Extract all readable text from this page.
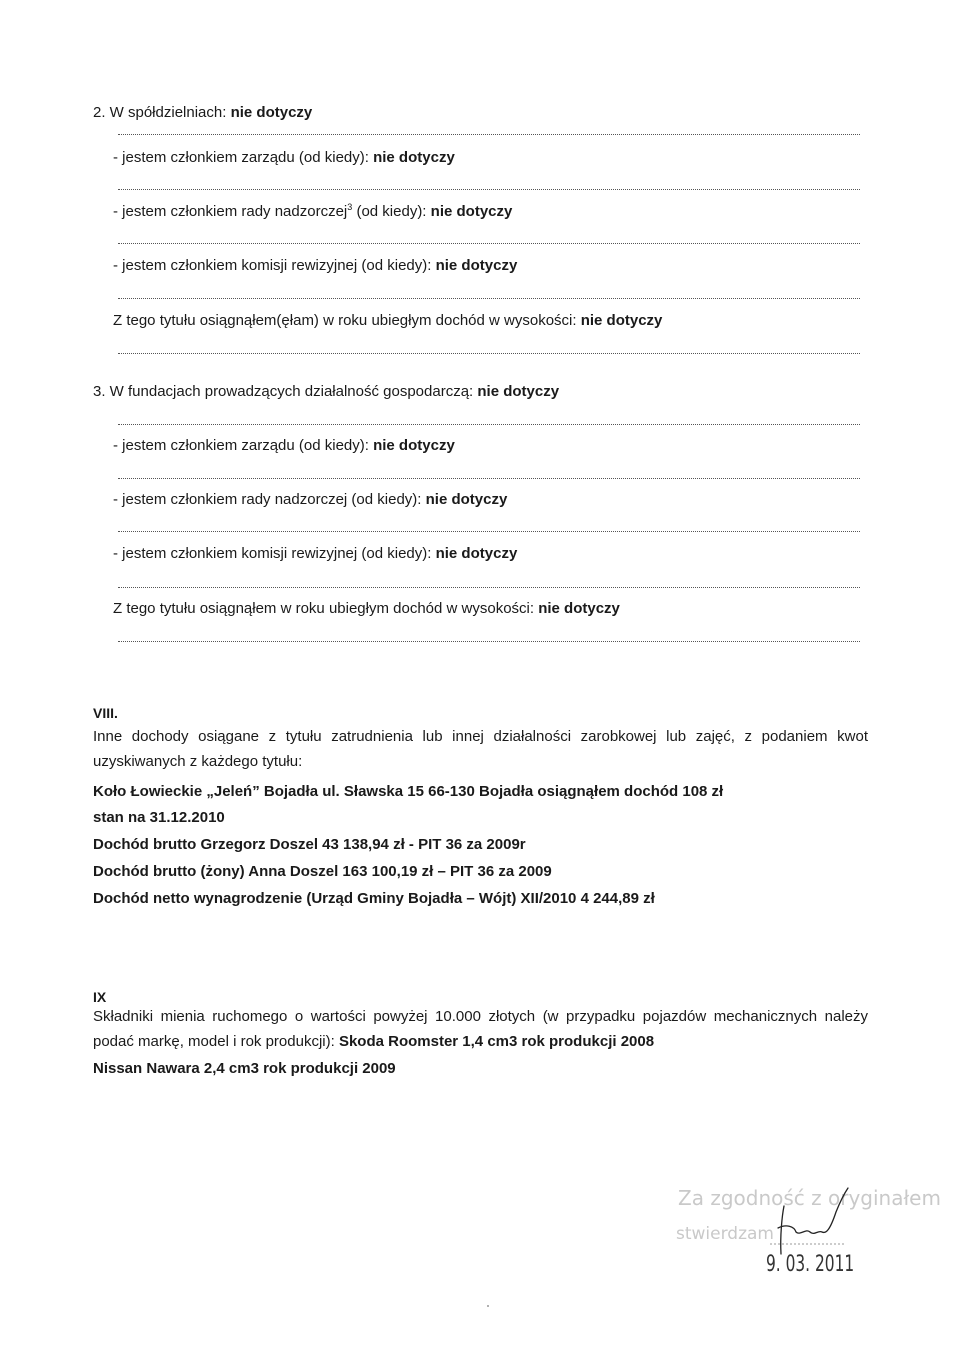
2. W spółdzielniach: nie dotyczy
- jestem członkiem zarządu (od kiedy): nie dotyczy
- jestem członkiem rady nadzorczej$^3$ (od kiedy): nie dotyczy
- jestem członkiem komisji rewizyjnej (od kiedy): nie dotyczy
Z tego tytułu osiągnąłem(ęłam) w roku ubiegłym dochód w wysokości: nie dotyczy
3. W fundacjach prowadzących działalność gospodarczą: nie dotyczy
- jestem członkiem zarządu (od kiedy): nie dotyczy
- jestem członkiem rady nadzorczej (od kiedy): nie dotyczy
- jestem członkiem komisji rewizyjnej (od kiedy): nie dotyczy
Z tego tytułu osiągnąłem w roku ubiegłym dochód w wysokości: nie dotyczy
VIII.
Inne dochody osiągane z tytułu zatrudnienia lub innej działalności zarobkowej lub zajęć, z podaniem kwot uzyskiwanych z każdego tytułu:
Koło Łowieckie „Jeleń” Bojadła ul. Sławska 15 66-130 Bojadła osiągnąłem dochód 108 zł
stan na 31.12.2010
Dochód brutto Grzegorz Doszel 43 138,94 zł - PIT 36 za 2009r
Dochód brutto (żony) Anna Doszel 163 100,19 zł – PIT 36 za 2009
Dochód netto wynagrodzenie (Urząd Gminy Bojadła – Wójt) XII/2010 4 244,89 zł
IX
Składniki mienia ruchomego o wartości powyżej 10.000 złotych (w przypadku pojazdów mechanicznych należy podać markę, model i rok produkcji): Skoda Roomster 1,4 cm3 rok produkcji 2008
Nissan Nawara 2,4 cm3 rok produkcji 2009
Za zgodność z oryginałem
stwierdzam
9. 03. 2011
